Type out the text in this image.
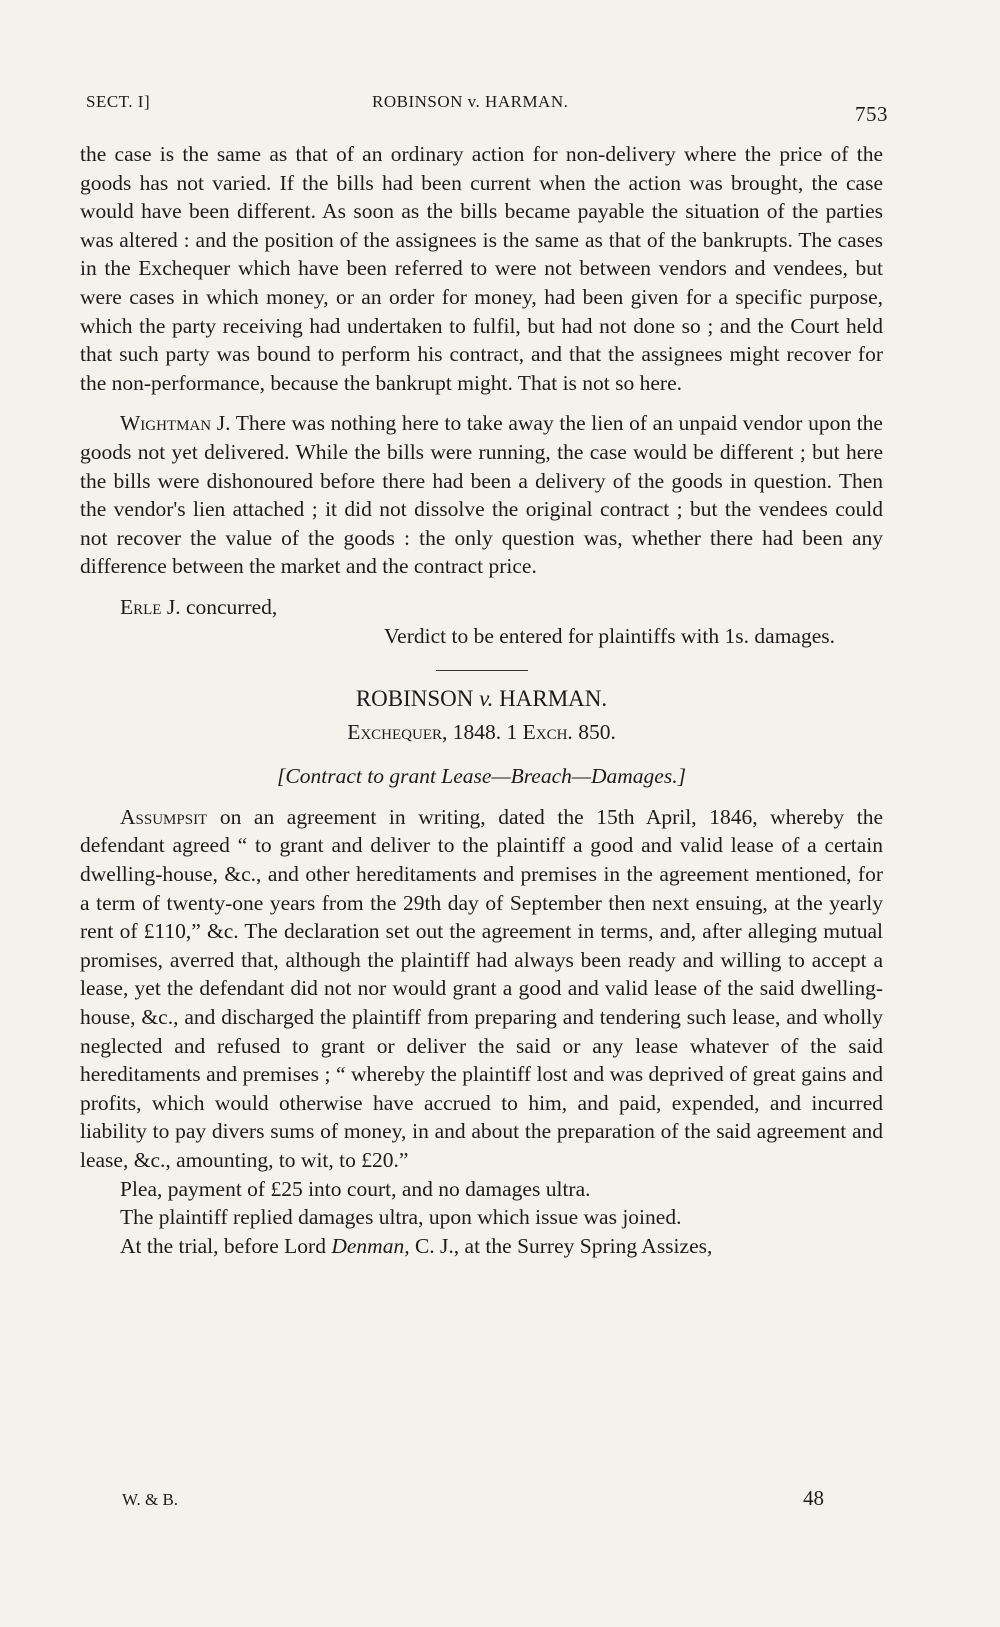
SECT. I]	ROBINSON v. HARMAN.
753

the case is the same as that of an ordinary action for non-delivery where the price of the goods has not varied. If the bills had been current when the action was brought, the case would have been different. As soon as the bills became payable the situation of the parties was altered : and the position of the assignees is the same as that of the bankrupts. The cases in the Exchequer which have been referred to were not between vendors and vendees, but were cases in which money, or an order for money, had been given for a specific purpose, which the party receiving had undertaken to fulfil, but had not done so ; and the Court held that such party was bound to perform his contract, and that the assignees might recover for the non-performance, because the bankrupt might. That is not so here.

Wightman J. There was nothing here to take away the lien of an unpaid vendor upon the goods not yet delivered. While the bills were running, the case would be different ; but here the bills were dishonoured before there had been a delivery of the goods in question. Then the vendor's lien attached ; it did not dissolve the original contract ; but the vendees could not recover the value of the goods : the only question was, whether there had been any difference between the market and the contract price.

Erle J. concurred,

Verdict to be entered for plaintiffs with 1s. damages.

ROBINSON v. HARMAN.

Exchequer, 1848. 1 Exch. 850.

[Contract to grant Lease—Breach—Damages.]

Assumpsit on an agreement in writing, dated the 15th April, 1846, whereby the defendant agreed “ to grant and deliver to the plaintiff a good and valid lease of a certain dwelling-house, &c., and other hereditaments and premises in the agreement mentioned, for a term of twenty-one years from the 29th day of September then next ensuing, at the yearly rent of £110,” &c. The declaration set out the agreement in terms, and, after alleging mutual promises, averred that, although the plaintiff had always been ready and willing to accept a lease, yet the defendant did not nor would grant a good and valid lease of the said dwelling-house, &c., and discharged the plaintiff from preparing and tendering such lease, and wholly neglected and refused to grant or deliver the said or any lease whatever of the said hereditaments and premises ; “ whereby the plaintiff lost and was deprived of great gains and profits, which would otherwise have accrued to him, and paid, expended, and incurred liability to pay divers sums of money, in and about the preparation of the said agreement and lease, &c., amounting, to wit, to £20.”

Plea, payment of £25 into court, and no damages ultra.

The plaintiff replied damages ultra, upon which issue was joined.

At the trial, before Lord Denman, C. J., at the Surrey Spring Assizes,

W. & B.	48
